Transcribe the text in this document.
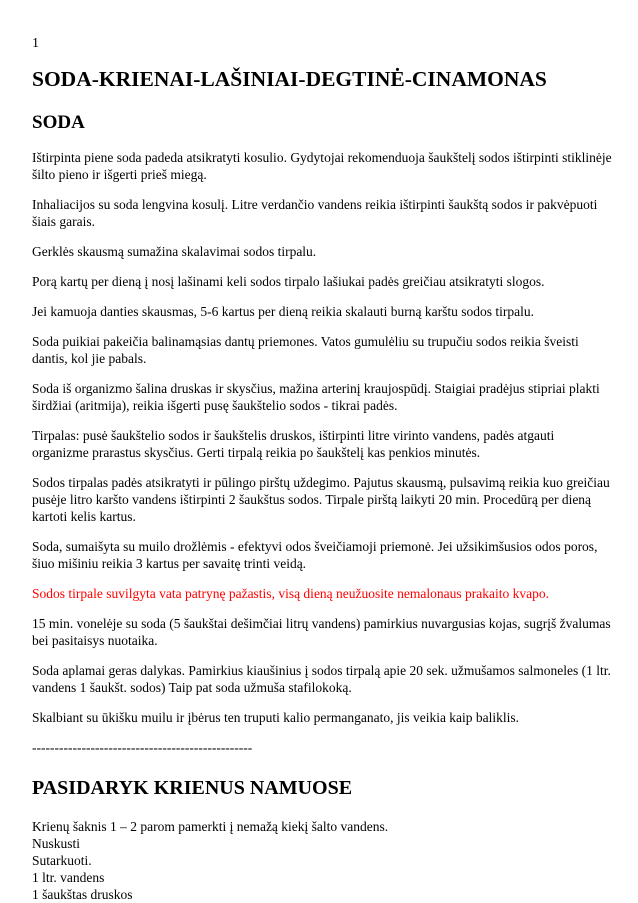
1
SODA-KRIENAI-LAŠINIAI-DEGTINĖ-CINAMONAS
SODA

Ištirpinta piene soda padeda atsikratyti kosulio. Gydytojai rekomenduoja šaukštelį sodos ištirpinti stiklinėje šilto pieno ir išgerti prieš miegą.

Inhaliacijos su soda lengvina kosulį. Litre verdančio vandens reikia ištirpinti šaukštą sodos ir pakvėpuoti šiais garais.

Gerklės skausmą sumažina skalavimai sodos tirpalu.

Porą kartų per dieną į nosį lašinami keli sodos tirpalo lašiukai padės greičiau atsikratyti slogos.

Jei kamuoja danties skausmas, 5-6 kartus per dieną reikia skalauti burną karštu sodos tirpalu.

Soda puikiai pakeičia balinamąsias dantų priemones. Vatos gumulėliu su trupučiu sodos reikia šveisti dantis, kol jie pabals.

Soda iš organizmo šalina druskas ir skysčius, mažina arterinį kraujospūdį. Staigiai pradėjus stipriai plakti širdžiai (aritmija), reikia išgerti pusę šaukštelio sodos - tikrai padės.

Tirpalas: pusė šaukštelio sodos ir šaukštelis druskos, ištirpinti litre virinto vandens, padės atgauti organizme prarastus skysčius. Gerti tirpalą reikia po šaukštelį kas penkios minutės.

Sodos tirpalas padės atsikratyti ir pūlingo pirštų uždegimo. Pajutus skausmą, pulsavimą reikia kuo greičiau pusėje litro karšto vandens ištirpinti 2 šaukštus sodos. Tirpale pirštą laikyti 20 min. Procedūrą per dieną kartoti kelis kartus.

Soda, sumaišyta su muilo drožlėmis - efektyvi odos šveičiamoji priemonė. Jei užsikimšusios odos poros, šiuo mišiniu reikia 3 kartus per savaitę trinti veidą.

Sodos tirpale suvilgyta vata patrynę pažastis, visą dieną neužuosite nemalonaus prakaito kvapo.

15 min. vonelėje su soda (5 šaukštai dešimčiai litrų vandens) pamirkius nuvargusias kojas, sugrįš žvalumas bei pasitaisys nuotaika.

Soda aplamai geras dalykas. Pamirkius kiaušinius į sodos tirpalą apie 20 sek. užmušamos salmoneles (1 ltr. vandens 1 šaukšt. sodos) Taip pat soda užmuša stafilokoką.

Skalbiant su ūkišku muilu ir įbėrus ten truputi kalio permanganato, jis veikia kaip baliklis.

-------------------------------------------------
PASIDARYK KRIENUS NAMUOSE
Krienų šaknis 1 – 2 parom pamerkti į nemažą kiekį šalto vandens.
Nuskusti
Sutarkuoti.
1 ltr. vandens
1 šaukštas druskos
